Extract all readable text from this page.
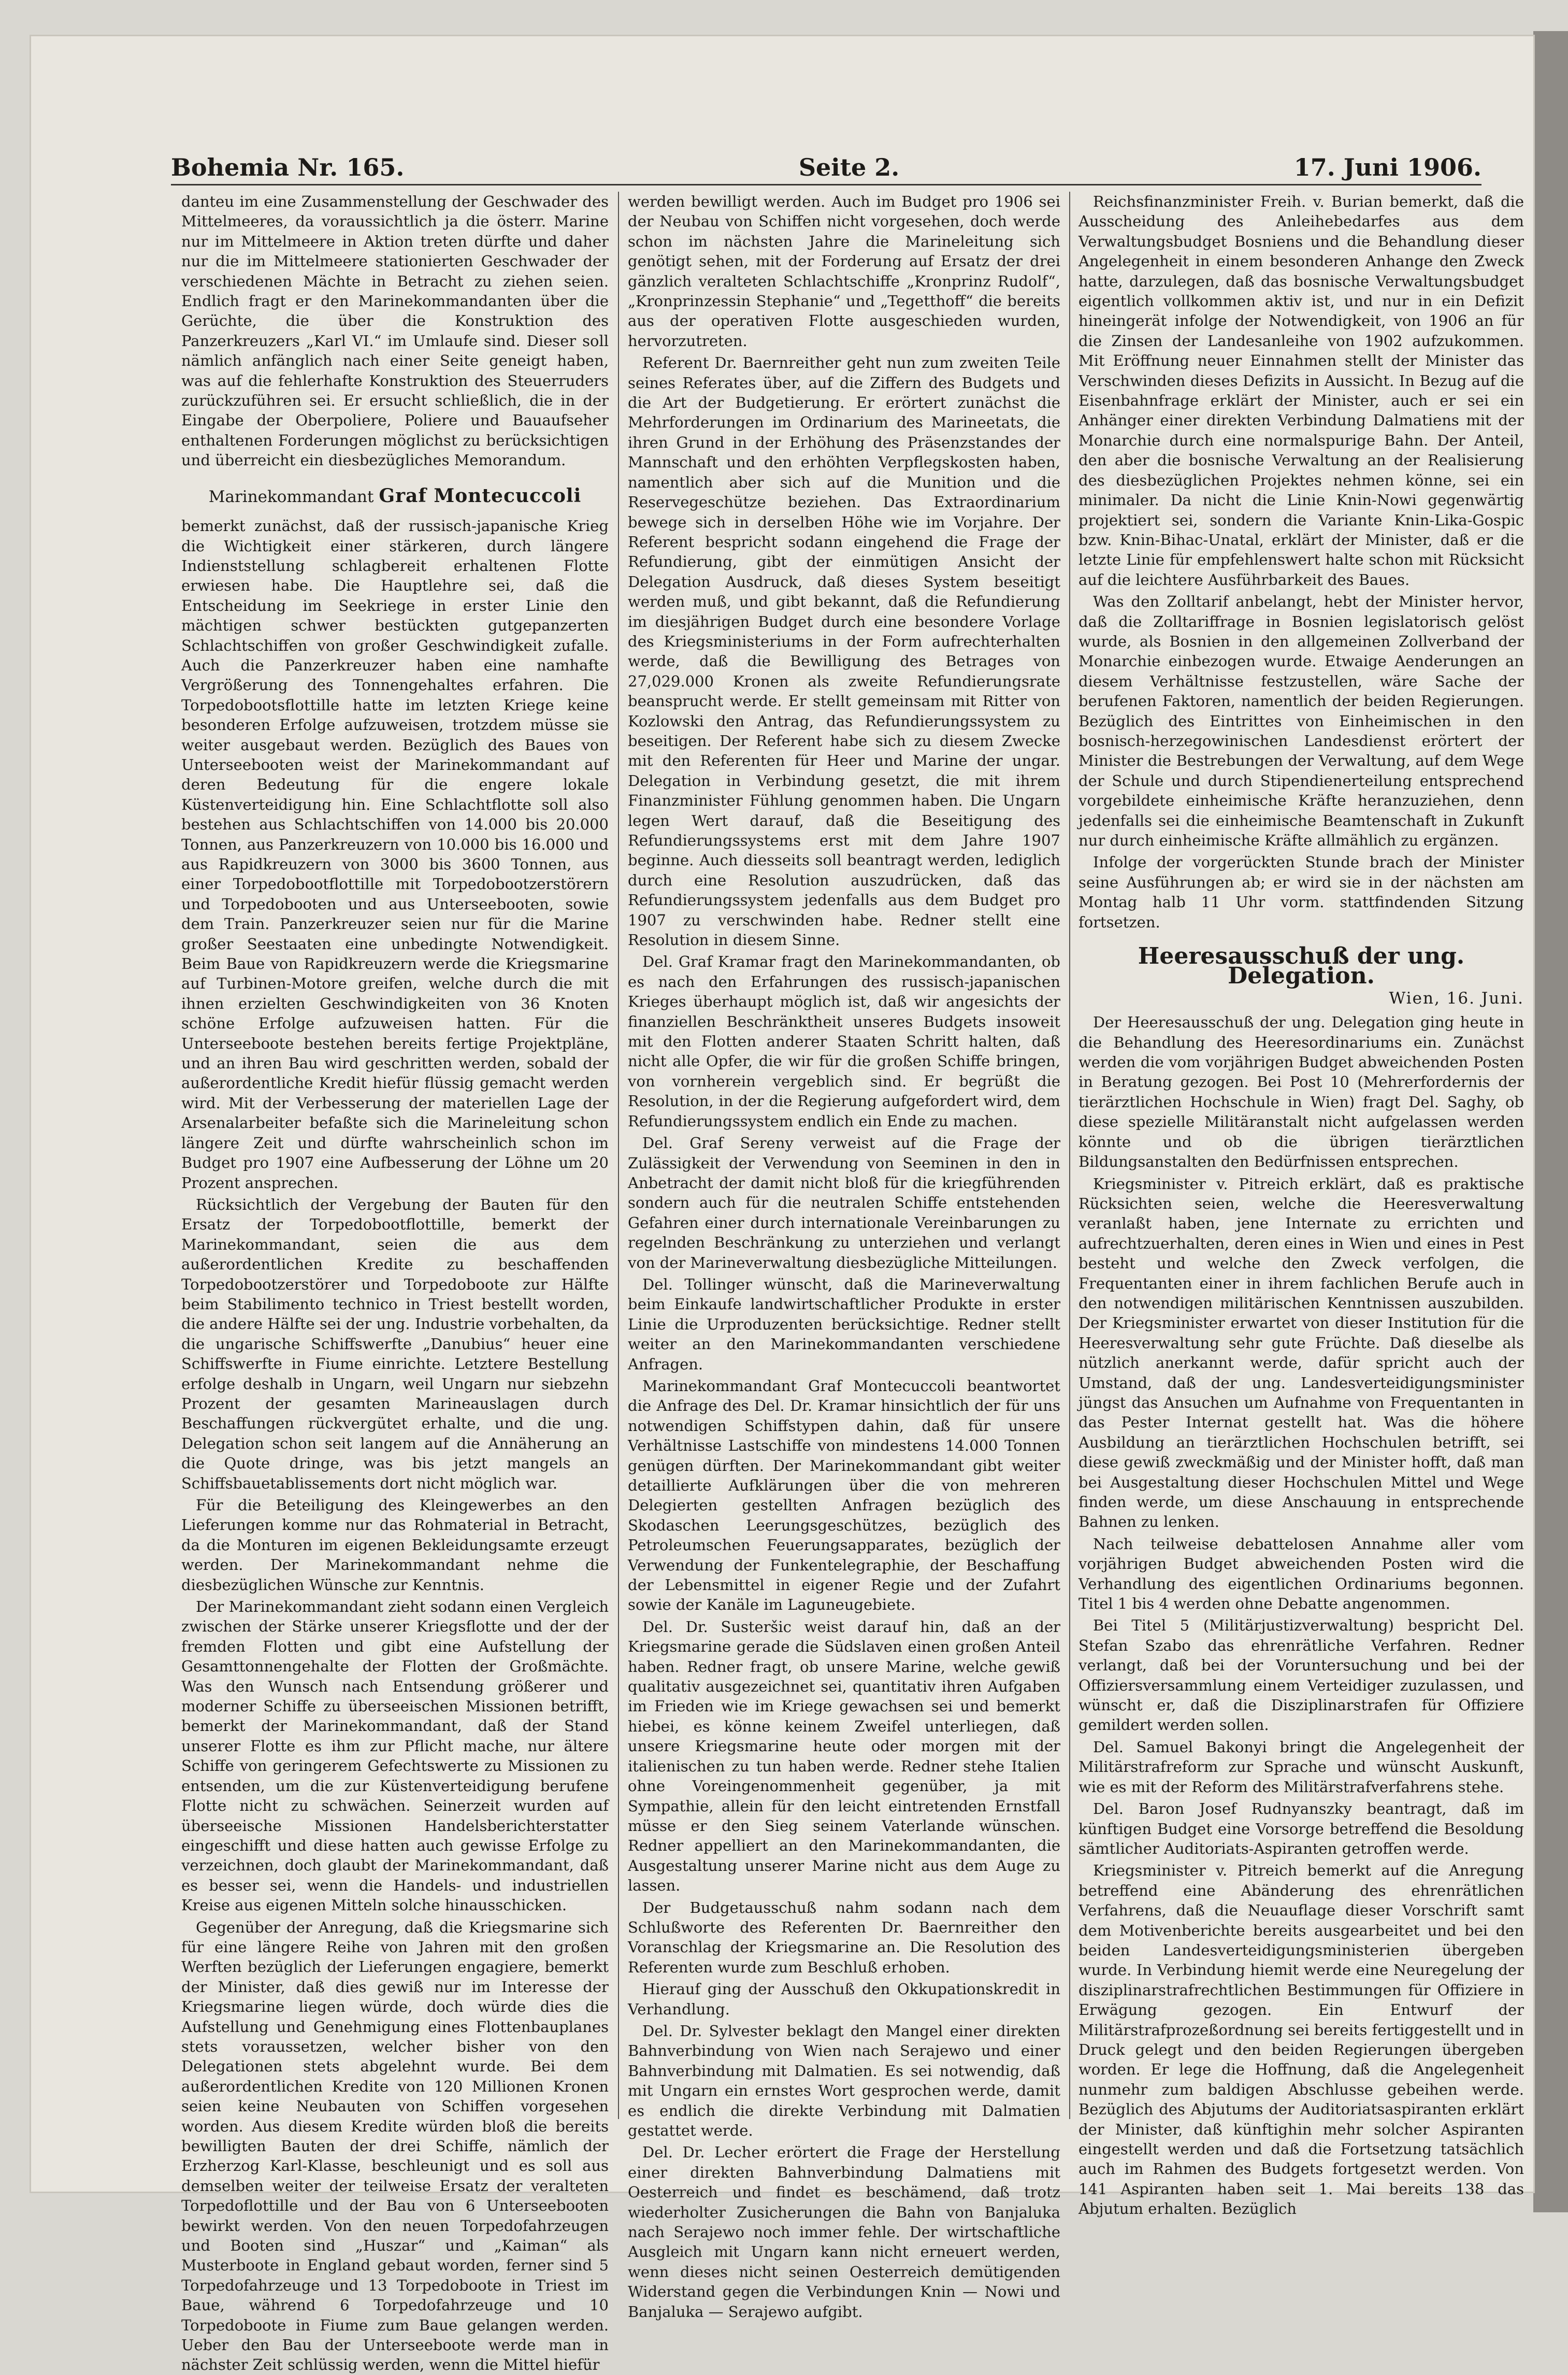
Bohemia Nr. 165.	Seite 2.	17. Juni 1906.

danteu im eine Zusammenstellung der Geschwader des Mittelmeeres, da voraussichtlich ja die österr. Marine nur im Mittelmeere in Aktion treten dürfte und daher nur die im Mittelmeere stationierten Geschwader der verschiedenen Mächte in Betracht zu ziehen seien. Endlich fragt er den Marinekommandanten über die Gerüchte, die über die Konstruktion des Panzerkreuzers „Karl VI.“ im Umlaufe sind. Dieser soll nämlich anfänglich nach einer Seite geneigt haben, was auf die fehlerhafte Konstruktion des Steuerruders zurückzuführen sei. Er ersucht schließlich, die in der Eingabe der Oberpoliere, Poliere und Bauaufseher enthaltenen Forderungen möglichst zu berücksichtigen und überreicht ein diesbezügliches Memorandum.

Marinekommandant Graf Montecuccoli

bemerkt zunächst, daß der russisch-japanische Krieg die Wichtigkeit einer stärkeren, durch längere Indienststellung schlagbereit erhaltenen Flotte erwiesen habe. Die Hauptlehre sei, daß die Entscheidung im Seekriege in erster Linie den mächtigen schwer bestückten gutgepanzerten Schlachtschiffen von großer Geschwindigkeit zufalle. Auch die Panzerkreuzer haben eine namhafte Vergrößerung des Tonnengehaltes erfahren. Die Torpedobootsflottille hatte im letzten Kriege keine besonderen Erfolge aufzuweisen, trotzdem müsse sie weiter ausgebaut werden. Bezüglich des Baues von Unterseebooten weist der Marinekommandant auf deren Bedeutung für die engere lokale Küstenverteidigung hin. Eine Schlachtflotte soll also bestehen aus Schlachtschiffen von 14.000 bis 20.000 Tonnen, aus Panzerkreuzern von 10.000 bis 16.000 und aus Rapidkreuzern von 3000 bis 3600 Tonnen, aus einer Torpedobootflottille mit Torpedobootzerstörern und Torpedobooten und aus Unterseebooten, sowie dem Train. Panzerkreuzer seien nur für die Marine großer Seestaaten eine unbedingte Notwendigkeit. Beim Baue von Rapidkreuzern werde die Kriegsmarine auf Turbinen-Motore greifen, welche durch die mit ihnen erzielten Geschwindigkeiten von 36 Knoten schöne Erfolge aufzuweisen hatten. Für die Unterseeboote bestehen bereits fertige Projektpläne, und an ihren Bau wird geschritten werden, sobald der außerordentliche Kredit hiefür flüssig gemacht werden wird. Mit der Verbesserung der materiellen Lage der Arsenalarbeiter befaßte sich die Marineleitung schon längere Zeit und dürfte wahrscheinlich schon im Budget pro 1907 eine Aufbesserung der Löhne um 20 Prozent ansprechen.

Rücksichtlich der Vergebung der Bauten für den Ersatz der Torpedobootflottille, bemerkt der Marinekommandant, seien die aus dem außerordentlichen Kredite zu beschaffenden Torpedobootzerstörer und Torpedoboote zur Hälfte beim Stabilimento technico in Triest bestellt worden, die andere Hälfte sei der ung. Industrie vorbehalten, da die ungarische Schiffswerfte „Danubius“ heuer eine Schiffswerfte in Fiume einrichte. Letztere Bestellung erfolge deshalb in Ungarn, weil Ungarn nur siebzehn Prozent der gesamten Marineauslagen durch Beschaffungen rückvergütet erhalte, und die ung. Delegation schon seit langem auf die Annäherung an die Quote dringe, was bis jetzt mangels an Schiffsbauetablissements dort nicht möglich war.

Für die Beteiligung des Kleingewerbes an den Lieferungen komme nur das Rohmaterial in Betracht, da die Monturen im eigenen Bekleidungsamte erzeugt werden. Der Marinekommandant nehme die diesbezüglichen Wünsche zur Kenntnis.

Der Marinekommandant zieht sodann einen Vergleich zwischen der Stärke unserer Kriegsflotte und der der fremden Flotten und gibt eine Aufstellung der Gesamttonnengehalte der Flotten der Großmächte. Was den Wunsch nach Entsendung größerer und moderner Schiffe zu überseeischen Missionen betrifft, bemerkt der Marinekommandant, daß der Stand unserer Flotte es ihm zur Pflicht mache, nur ältere Schiffe von geringerem Gefechtswerte zu Missionen zu entsenden, um die zur Küstenverteidigung berufene Flotte nicht zu schwächen. Seinerzeit wurden auf überseeische Missionen Handelsberichterstatter eingeschifft und diese hatten auch gewisse Erfolge zu verzeichnen, doch glaubt der Marinekommandant, daß es besser sei, wenn die Handels- und industriellen Kreise aus eigenen Mitteln solche hinausschicken.

Gegenüber der Anregung, daß die Kriegsmarine sich für eine längere Reihe von Jahren mit den großen Werften bezüglich der Lieferungen engagiere, bemerkt der Minister, daß dies gewiß nur im Interesse der Kriegsmarine liegen würde, doch würde dies die Aufstellung und Genehmigung eines Flottenbauplanes stets voraussetzen, welcher bisher von den Delegationen stets abgelehnt wurde. Bei dem außerordentlichen Kredite von 120 Millionen Kronen seien keine Neubauten von Schiffen vorgesehen worden. Aus diesem Kredite würden bloß die bereits bewilligten Bauten der drei Schiffe, nämlich der Erzherzog Karl-Klasse, beschleunigt und es soll aus demselben weiter der teilweise Ersatz der veralteten Torpedoflottille und der Bau von 6 Unterseebooten bewirkt werden. Von den neuen Torpedofahrzeugen und Booten sind „Huszar“ und „Kaiman“ als Musterboote in England gebaut worden, ferner sind 5 Torpedofahrzeuge und 13 Torpedoboote in Triest im Baue, während 6 Torpedofahrzeuge und 10 Torpedoboote in Fiume zum Baue gelangen werden. Ueber den Bau der Unterseeboote werde man in nächster Zeit schlüssig werden, wenn die Mittel hiefür

werden bewilligt werden. Auch im Budget pro 1906 sei der Neubau von Schiffen nicht vorgesehen, doch werde schon im nächsten Jahre die Marineleitung sich genötigt sehen, mit der Forderung auf Ersatz der drei gänzlich veralteten Schlachtschiffe „Kronprinz Rudolf“, „Kronprinzessin Stephanie“ und „Tegetthoff“ die bereits aus der operativen Flotte ausgeschieden wurden, hervorzutreten.

Referent Dr. Baernreither geht nun zum zweiten Teile seines Referates über, auf die Ziffern des Budgets und die Art der Budgetierung. Er erörtert zunächst die Mehrforderungen im Ordinarium des Marineetats, die ihren Grund in der Erhöhung des Präsenzstandes der Mannschaft und den erhöhten Verpflegskosten haben, namentlich aber sich auf die Munition und die Reservegeschütze beziehen. Das Extraordinarium bewege sich in derselben Höhe wie im Vorjahre. Der Referent bespricht sodann eingehend die Frage der Refundierung, gibt der einmütigen Ansicht der Delegation Ausdruck, daß dieses System beseitigt werden muß, und gibt bekannt, daß die Refundierung im diesjährigen Budget durch eine besondere Vorlage des Kriegsministeriums in der Form aufrechterhalten werde, daß die Bewilligung des Betrages von 27,029.000 Kronen als zweite Refundierungsrate beansprucht werde. Er stellt gemeinsam mit Ritter von Kozlowski den Antrag, das Refundierungssystem zu beseitigen. Der Referent habe sich zu diesem Zwecke mit den Referenten für Heer und Marine der ungar. Delegation in Verbindung gesetzt, die mit ihrem Finanzminister Fühlung genommen haben. Die Ungarn legen Wert darauf, daß die Beseitigung des Refundierungssystems erst mit dem Jahre 1907 beginne. Auch diesseits soll beantragt werden, lediglich durch eine Resolution auszudrücken, daß das Refundierungssystem jedenfalls aus dem Budget pro 1907 zu verschwinden habe. Redner stellt eine Resolution in diesem Sinne.

Del. Graf Kramar fragt den Marinekommandanten, ob es nach den Erfahrungen des russisch-japanischen Krieges überhaupt möglich ist, daß wir angesichts der finanziellen Beschränktheit unseres Budgets insoweit mit den Flotten anderer Staaten Schritt halten, daß nicht alle Opfer, die wir für die großen Schiffe bringen, von vornherein vergeblich sind. Er begrüßt die Resolution, in der die Regierung aufgefordert wird, dem Refundierungssystem endlich ein Ende zu machen.

Del. Graf Sereny verweist auf die Frage der Zulässigkeit der Verwendung von Seeminen in den in Anbetracht der damit nicht bloß für die kriegführenden sondern auch für die neutralen Schiffe entstehenden Gefahren einer durch internationale Vereinbarungen zu regelnden Beschränkung zu unterziehen und verlangt von der Marineverwaltung diesbezügliche Mitteilungen.

Del. Tollinger wünscht, daß die Marineverwaltung beim Einkaufe landwirtschaftlicher Produkte in erster Linie die Urproduzenten berücksichtige. Redner stellt weiter an den Marinekommandanten verschiedene Anfragen.

Marinekommandant Graf Montecuccoli beantwortet die Anfrage des Del. Dr. Kramar hinsichtlich der für uns notwendigen Schiffstypen dahin, daß für unsere Verhältnisse Lastschiffe von mindestens 14.000 Tonnen genügen dürften. Der Marinekommandant gibt weiter detaillierte Aufklärungen über die von mehreren Delegierten gestellten Anfragen bezüglich des Skodaschen Leerungsgeschützes, bezüglich des Petroleumschen Feuerungsapparates, bezüglich der Verwendung der Funkentelegraphie, der Beschaffung der Lebensmittel in eigener Regie und der Zufahrt sowie der Kanäle im Laguneugebiete.

Del. Dr. Susteršic weist darauf hin, daß an der Kriegsmarine gerade die Südslaven einen großen Anteil haben. Redner fragt, ob unsere Marine, welche gewiß qualitativ ausgezeichnet sei, quantitativ ihren Aufgaben im Frieden wie im Kriege gewachsen sei und bemerkt hiebei, es könne keinem Zweifel unterliegen, daß unsere Kriegsmarine heute oder morgen mit der italienischen zu tun haben werde. Redner stehe Italien ohne Voreingenommenheit gegenüber, ja mit Sympathie, allein für den leicht eintretenden Ernstfall müsse er den Sieg seinem Vaterlande wünschen. Redner appelliert an den Marinekommandanten, die Ausgestaltung unserer Marine nicht aus dem Auge zu lassen.

Der Budgetausschuß nahm sodann nach dem Schlußworte des Referenten Dr. Baernreither den Voranschlag der Kriegsmarine an. Die Resolution des Referenten wurde zum Beschluß erhoben.

Hierauf ging der Ausschuß den Okkupationskredit in Verhandlung.

Del. Dr. Sylvester beklagt den Mangel einer direkten Bahnverbindung von Wien nach Serajewo und einer Bahnverbindung mit Dalmatien. Es sei notwendig, daß mit Ungarn ein ernstes Wort gesprochen werde, damit es endlich die direkte Verbindung mit Dalmatien gestattet werde.

Del. Dr. Lecher erörtert die Frage der Herstellung einer direkten Bahnverbindung Dalmatiens mit Oesterreich und findet es beschämend, daß trotz wiederholter Zusicherungen die Bahn von Banjaluka nach Serajewo noch immer fehle. Der wirtschaftliche Ausgleich mit Ungarn kann nicht erneuert werden, wenn dieses nicht seinen Oesterreich demütigenden Widerstand gegen die Verbindungen Knin — Nowi und Banjaluka — Serajewo aufgibt.

Reichsfinanzminister Freih. v. Burian bemerkt, daß die Ausscheidung des Anleihebedarfes aus dem Verwaltungsbudget Bosniens und die Behandlung dieser Angelegenheit in einem besonderen Anhange den Zweck hatte, darzulegen, daß das bosnische Verwaltungsbudget eigentlich vollkommen aktiv ist, und nur in ein Defizit hineingerät infolge der Notwendigkeit, von 1906 an für die Zinsen der Landesanleihe von 1902 aufzukommen. Mit Eröffnung neuer Einnahmen stellt der Minister das Verschwinden dieses Defizits in Aussicht. In Bezug auf die Eisenbahnfrage erklärt der Minister, auch er sei ein Anhänger einer direkten Verbindung Dalmatiens mit der Monarchie durch eine normalspurige Bahn. Der Anteil, den aber die bosnische Verwaltung an der Realisierung des diesbezüglichen Projektes nehmen könne, sei ein minimaler. Da nicht die Linie Knin-Nowi gegenwärtig projektiert sei, sondern die Variante Knin-Lika-Gospic bzw. Knin-Bihac-Unatal, erklärt der Minister, daß er die letzte Linie für empfehlenswert halte schon mit Rücksicht auf die leichtere Ausführbarkeit des Baues.

Was den Zolltarif anbelangt, hebt der Minister hervor, daß die Zolltariffrage in Bosnien legislatorisch gelöst wurde, als Bosnien in den allgemeinen Zollverband der Monarchie einbezogen wurde. Etwaige Aenderungen an diesem Verhältnisse festzustellen, wäre Sache der berufenen Faktoren, namentlich der beiden Regierungen. Bezüglich des Eintrittes von Einheimischen in den bosnisch-herzegowinischen Landesdienst erörtert der Minister die Bestrebungen der Verwaltung, auf dem Wege der Schule und durch Stipendienerteilung entsprechend vorgebildete einheimische Kräfte heranzuziehen, denn jedenfalls sei die einheimische Beamtenschaft in Zukunft nur durch einheimische Kräfte allmählich zu ergänzen.

Infolge der vorgerückten Stunde brach der Minister seine Ausführungen ab; er wird sie in der nächsten am Montag halb 11 Uhr vorm. stattfindenden Sitzung fortsetzen.

Heeresausschuß der ung. Delegation.
Wien, 16. Juni.

Der Heeresausschuß der ung. Delegation ging heute in die Behandlung des Heeresordinariums ein. Zunächst werden die vom vorjährigen Budget abweichenden Posten in Beratung gezogen. Bei Post 10 (Mehrerfordernis der tierärztlichen Hochschule in Wien) fragt Del. Saghy, ob diese spezielle Militäranstalt nicht aufgelassen werden könnte und ob die übrigen tierärztlichen Bildungsanstalten den Bedürfnissen entsprechen.

Kriegsminister v. Pitreich erklärt, daß es praktische Rücksichten seien, welche die Heeresverwaltung veranlaßt haben, jene Internate zu errichten und aufrechtzuerhalten, deren eines in Wien und eines in Pest besteht und welche den Zweck verfolgen, die Frequentanten einer in ihrem fachlichen Berufe auch in den notwendigen militärischen Kenntnissen auszubilden. Der Kriegsminister erwartet von dieser Institution für die Heeresverwaltung sehr gute Früchte. Daß dieselbe als nützlich anerkannt werde, dafür spricht auch der Umstand, daß der ung. Landesverteidigungsminister jüngst das Ansuchen um Aufnahme von Frequentanten in das Pester Internat gestellt hat. Was die höhere Ausbildung an tierärztlichen Hochschulen betrifft, sei diese gewiß zweckmäßig und der Minister hofft, daß man bei Ausgestaltung dieser Hochschulen Mittel und Wege finden werde, um diese Anschauung in entsprechende Bahnen zu lenken.

Nach teilweise debattelosen Annahme aller vom vorjährigen Budget abweichenden Posten wird die Verhandlung des eigentlichen Ordinariums begonnen. Titel 1 bis 4 werden ohne Debatte angenommen.

Bei Titel 5 (Militärjustizverwaltung) bespricht Del. Stefan Szabo das ehrenrätliche Verfahren. Redner verlangt, daß bei der Voruntersuchung und bei der Offiziersversammlung einem Verteidiger zuzulassen, und wünscht er, daß die Disziplinarstrafen für Offiziere gemildert werden sollen.

Del. Samuel Bakonyi bringt die Angelegenheit der Militärstrafreform zur Sprache und wünscht Auskunft, wie es mit der Reform des Militärstrafverfahrens stehe.

Del. Baron Josef Rudnyanszky beantragt, daß im künftigen Budget eine Vorsorge betreffend die Besoldung sämtlicher Auditoriats-Aspiranten getroffen werde.

Kriegsminister v. Pitreich bemerkt auf die Anregung betreffend eine Abänderung des ehrenrätlichen Verfahrens, daß die Neuauflage dieser Vorschrift samt dem Motivenberichte bereits ausgearbeitet und bei den beiden Landesverteidigungsministerien übergeben wurde. In Verbindung hiemit werde eine Neuregelung der disziplinarstrafrechtlichen Bestimmungen für Offiziere in Erwägung gezogen. Ein Entwurf der Militärstrafprozeßordnung sei bereits fertiggestellt und in Druck gelegt und den beiden Regierungen übergeben worden. Er lege die Hoffnung, daß die Angelegenheit nunmehr zum baldigen Abschlusse gebeihen werde. Bezüglich des Abjutums der Auditoriatsaspiranten erklärt der Minister, daß künftighin mehr solcher Aspiranten eingestellt werden und daß die Fortsetzung tatsächlich auch im Rahmen des Budgets fortgesetzt werden. Von 141 Aspiranten haben seit 1. Mai bereits 138 das Abjutum erhalten. Bezüglich
